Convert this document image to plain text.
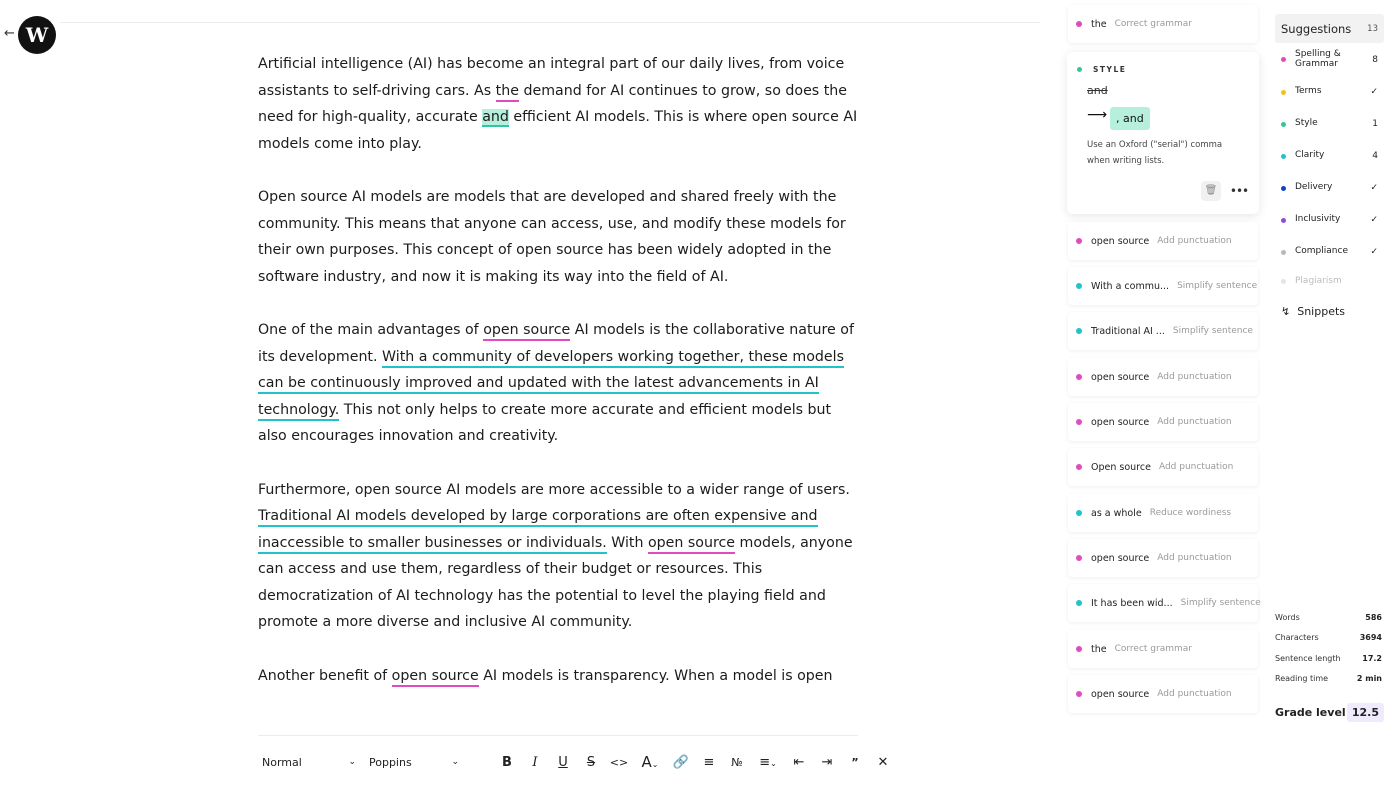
← W

Artificial intelligence (AI) has become an integral part of our daily lives, from voice assistants to self-driving cars. As the demand for AI continues to grow, so does the need for high-quality, accurate and efficient AI models. This is where open source AI models come into play.

Open source AI models are models that are developed and shared freely with the community. This means that anyone can access, use, and modify these models for their own purposes. This concept of open source has been widely adopted in the software industry, and now it is making its way into the field of AI.

One of the main advantages of open source AI models is the collaborative nature of its development. With a community of developers working together, these models can be continuously improved and updated with the latest advancements in AI technology. This not only helps to create more accurate and efficient models but also encourages innovation and creativity.

Furthermore, open source AI models are more accessible to a wider range of users. Traditional AI models developed by large corporations are often expensive and inaccessible to smaller businesses or individuals. With open source models, anyone can access and use them, regardless of their budget or resources. This democratization of AI technology has the potential to level the playing field and promote a more diverse and inclusive AI community.

Another benefit of open source AI models is transparency. When a model is open

Normal	⌄ Poppins	⌄	B	I	U	S	<> A⌄	🔗	≡	№	≡⌄	⇤	⇥	”	✕
STYLE
and
⟶ , and
Use an Oxford ("serial") comma when writing lists.
🗑	•••
the Correct grammar
open source Add punctuation
With a commu... Simplify sentence
Traditional AI ... Simplify sentence
open source Add punctuation
open source Add punctuation
Open source Add punctuation
as a whole Reduce wordiness
open source Add punctuation
It has been wid... Simplify sentence
the Correct grammar
open source Add punctuation
Suggestions 13
Spelling & Grammar	8
Terms	✓
Style	1
Clarity	4
Delivery	✓
Inclusivity	✓
Compliance	✓
Plagiarism
↯ Snippets
Words	586
Characters	3694
Sentence length	17.2
Reading time	2 min
Grade level 12.5
